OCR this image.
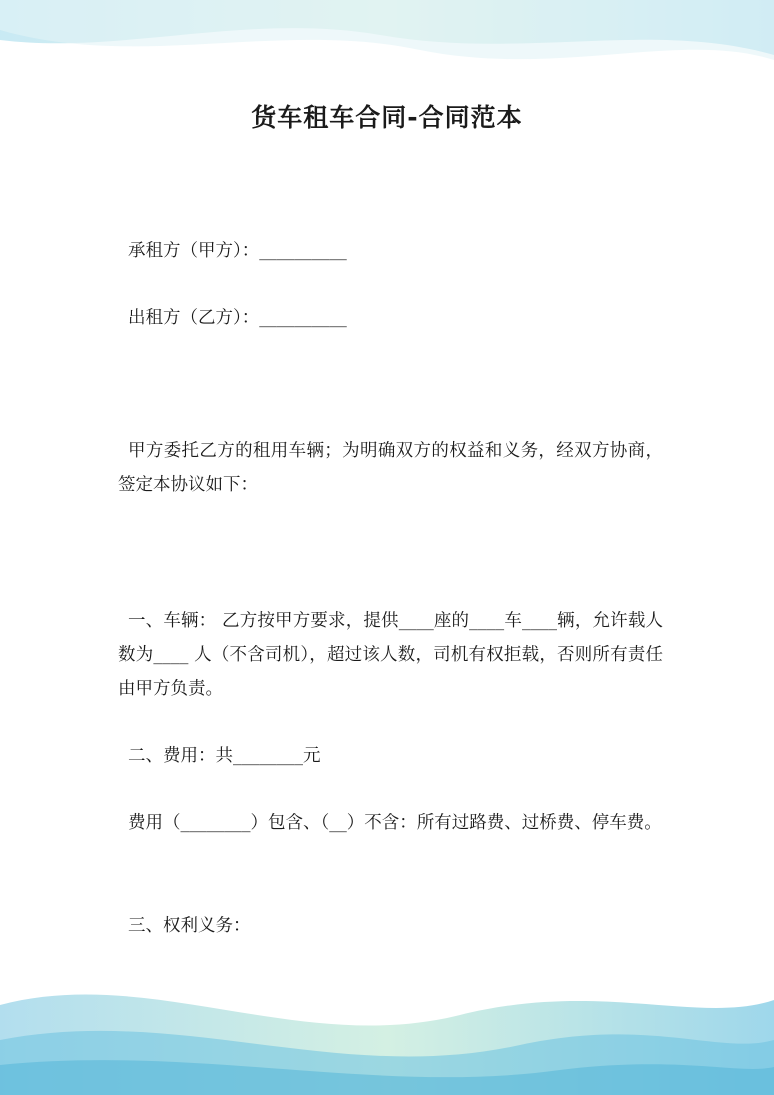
货车租车合同-合同范本
承租方（甲方）：__________
出租方（乙方）：__________
甲方委托乙方的租用车辆；为明确双方的权益和义务，经双方协商，签定本协议如下：
一、车辆： 乙方按甲方要求，提供____座的____车____辆，允许载人数为____ 人（不含司机），超过该人数，司机有权拒载，否则所有责任由甲方负责。
二、费用：共________元
费用（________）包含、（__）不含：所有过路费、过桥费、停车费。
三、权利义务：
